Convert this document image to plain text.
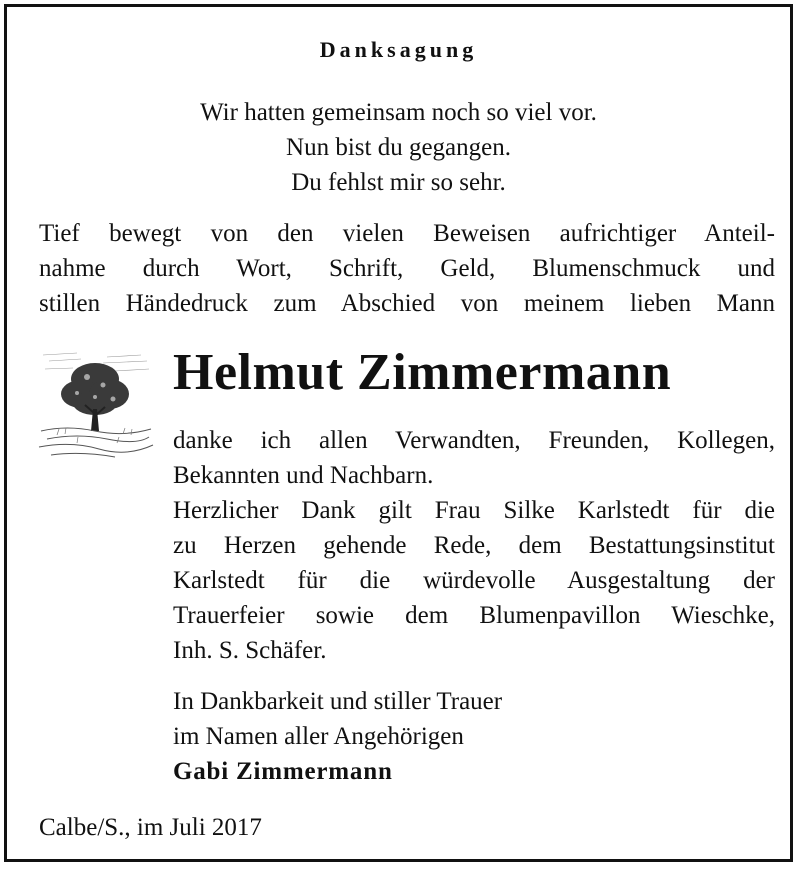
Danksagung
Wir hatten gemeinsam noch so viel vor.
Nun bist du gegangen.
Du fehlst mir so sehr.
Tief bewegt von den vielen Beweisen aufrichtiger Anteil-
nahme durch Wort, Schrift, Geld, Blumenschmuck und
stillen Händedruck zum Abschied von meinem lieben Mann
Helmut Zimmermann
danke ich allen Verwandten, Freunden, Kollegen,
Bekannten und Nachbarn.
Herzlicher Dank gilt Frau Silke Karlstedt für die
zu Herzen gehende Rede, dem Bestattungsinstitut
Karlstedt für die würdevolle Ausgestaltung der
Trauerfeier sowie dem Blumenpavillon Wieschke,
Inh. S. Schäfer.
In Dankbarkeit und stiller Trauer
im Namen aller Angehörigen
Gabi Zimmermann
Calbe/S., im Juli 2017
